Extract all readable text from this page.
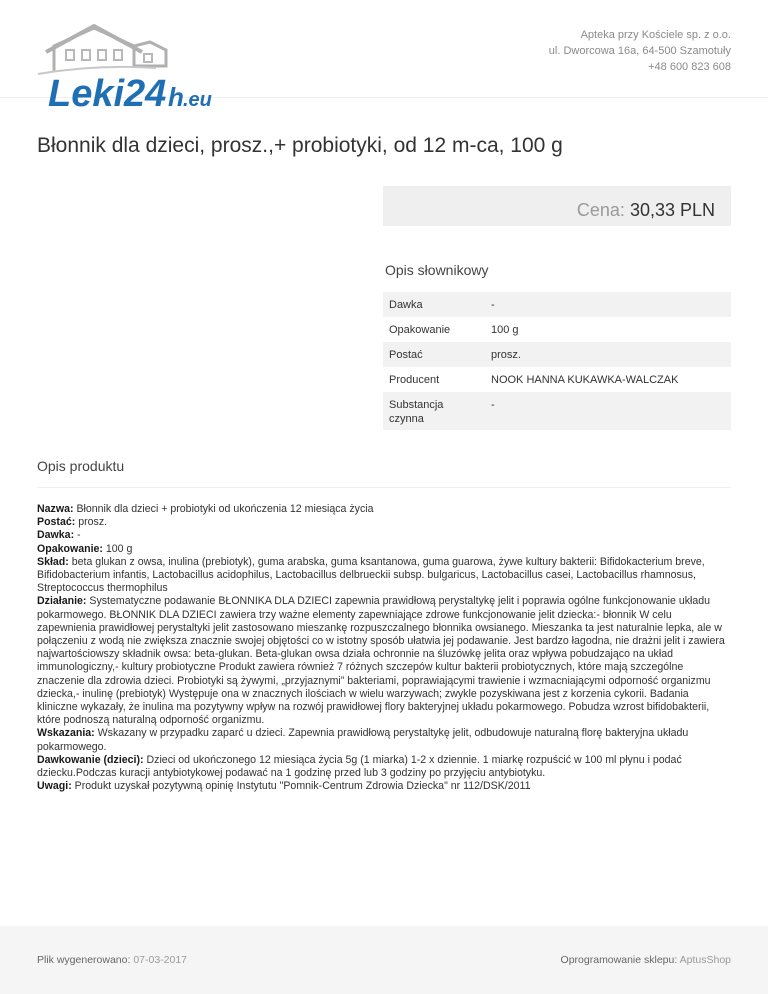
Leki24 h .eu
Apteka przy Kościele sp. z o.o.
ul. Dworcowa 16a, 64-500 Szamotuły
+48 600 823 608
Błonnik dla dzieci, prosz.,+ probiotyki, od 12 m-ca, 100 g
Cena: 30,33 PLN
Opis słownikowy
Dawka	-
Opakowanie	100 g
Postać	prosz.
Producent	NOOK HANNA KUKAWKA-WALCZAK
Substancja czynna	-
Opis produktu

Nazwa: Błonnik dla dzieci + probiotyki od ukończenia 12 miesiąca życia

Postać: prosz.

Dawka: -

Opakowanie: 100 g

Skład: beta glukan z owsa, inulina (prebiotyk), guma arabska, guma ksantanowa, guma guarowa, żywe kultury bakterii: Bifidokacterium breve, Bifidobacterium infantis, Lactobacillus acidophilus, Lactobacillus delbrueckii subsp. bulgaricus, Lactobacillus casei, Lactobacillus rhamnosus, Streptococcus thermophilus

Działanie: Systematyczne podawanie BŁONNIKA DLA DZIECI zapewnia prawidłową perystaltykę jelit i poprawia ogólne funkcjonowanie układu pokarmowego. BŁONNIK DLA DZIECI zawiera trzy ważne elementy zapewniające zdrowe funkcjonowanie jelit dziecka:- błonnik W celu zapewnienia prawidłowej perystaltyki jelit zastosowano mieszankę rozpuszczalnego błonnika owsianego. Mieszanka ta jest naturalnie lepka, ale w połączeniu z wodą nie zwiększa znacznie swojej objętości co w istotny sposób ułatwia jej podawanie. Jest bardzo łagodna, nie drażni jelit i zawiera najwartościowszy składnik owsa: beta-glukan. Beta-glukan owsa działa ochronnie na śluzówkę jelita oraz wpływa pobudzająco na układ immunologiczny,- kultury probiotyczne Produkt zawiera również 7 różnych szczepów kultur bakterii probiotycznych, które mają szczególne znaczenie dla zdrowia dzieci. Probiotyki są żywymi, „przyjaznymi” bakteriami, poprawiającymi trawienie i wzmacniającymi odporność organizmu dziecka,- inulinę (prebiotyk) Występuje ona w znacznych ilościach w wielu warzywach; zwykle pozyskiwana jest z korzenia cykorii. Badania kliniczne wykazały, że inulina ma pozytywny wpływ na rozwój prawidłowej flory bakteryjnej układu pokarmowego. Pobudza wzrost bifidobakterii, które podnoszą naturalną odporność organizmu.

Wskazania: Wskazany w przypadku zaparć u dzieci. Zapewnia prawidłową perystaltykę jelit, odbudowuje naturalną florę bakteryjna układu pokarmowego.

Dawkowanie (dzieci): Dzieci od ukończonego 12 miesiąca życia 5g (1 miarka) 1-2 x dziennie. 1 miarkę rozpuścić w 100 ml płynu i podać dziecku.Podczas kuracji antybiotykowej podawać na 1 godzinę przed lub 3 godziny po przyjęciu antybiotyku.

Uwagi: Produkt uzyskał pozytywną opinię Instytutu "Pomnik-Centrum Zdrowia Dziecka" nr 112/DSK/2011

Plik wygenerowano: 07-03-2017	Oprogramowanie sklepu: AptusShop
